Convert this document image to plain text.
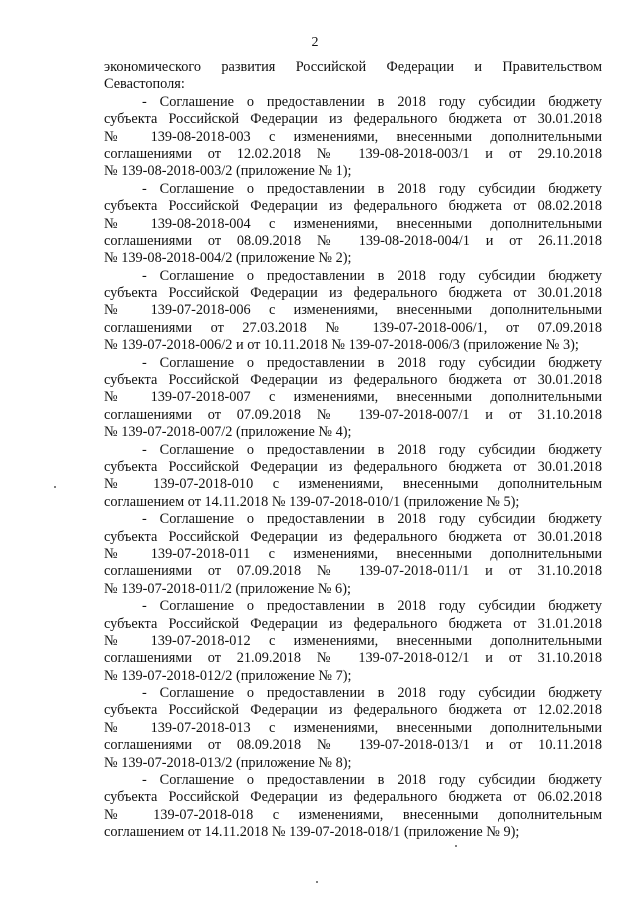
2
экономического развития Российской Федерации и Правительством
Севастополя:
- Соглашение о предоставлении в 2018 году субсидии бюджету
субъекта Российской Федерации из федерального бюджета от 30.01.2018
№ 139-08-2018-003 с изменениями, внесенными дополнительными
соглашениями от 12.02.2018 № 139-08-2018-003/1 и от 29.10.2018
№ 139-08-2018-003/2 (приложение № 1);
- Соглашение о предоставлении в 2018 году субсидии бюджету
субъекта Российской Федерации из федерального бюджета от 08.02.2018
№ 139-08-2018-004 с изменениями, внесенными дополнительными
соглашениями от 08.09.2018 № 139-08-2018-004/1 и от 26.11.2018
№ 139-08-2018-004/2 (приложение № 2);
- Соглашение о предоставлении в 2018 году субсидии бюджету
субъекта Российской Федерации из федерального бюджета от 30.01.2018
№ 139-07-2018-006 с изменениями, внесенными дополнительными
соглашениями от 27.03.2018 № 139-07-2018-006/1, от 07.09.2018
№ 139-07-2018-006/2 и от 10.11.2018 № 139-07-2018-006/3 (приложение № 3);
- Соглашение о предоставлении в 2018 году субсидии бюджету
субъекта Российской Федерации из федерального бюджета от 30.01.2018
№ 139-07-2018-007 с изменениями, внесенными дополнительными
соглашениями от 07.09.2018 № 139-07-2018-007/1 и от 31.10.2018
№ 139-07-2018-007/2 (приложение № 4);
- Соглашение о предоставлении в 2018 году субсидии бюджету
субъекта Российской Федерации из федерального бюджета от 30.01.2018
№ 139-07-2018-010 с изменениями, внесенными дополнительным
соглашением от 14.11.2018 № 139-07-2018-010/1 (приложение № 5);
- Соглашение о предоставлении в 2018 году субсидии бюджету
субъекта Российской Федерации из федерального бюджета от 30.01.2018
№ 139-07-2018-011 с изменениями, внесенными дополнительными
соглашениями от 07.09.2018 № 139-07-2018-011/1 и от 31.10.2018
№ 139-07-2018-011/2 (приложение № 6);
- Соглашение о предоставлении в 2018 году субсидии бюджету
субъекта Российской Федерации из федерального бюджета от 31.01.2018
№ 139-07-2018-012 с изменениями, внесенными дополнительными
соглашениями от 21.09.2018 № 139-07-2018-012/1 и от 31.10.2018
№ 139-07-2018-012/2 (приложение № 7);
- Соглашение о предоставлении в 2018 году субсидии бюджету
субъекта Российской Федерации из федерального бюджета от 12.02.2018
№ 139-07-2018-013 с изменениями, внесенными дополнительными
соглашениями от 08.09.2018 № 139-07-2018-013/1 и от 10.11.2018
№ 139-07-2018-013/2 (приложение № 8);
- Соглашение о предоставлении в 2018 году субсидии бюджету
субъекта Российской Федерации из федерального бюджета от 06.02.2018
№ 139-07-2018-018 с изменениями, внесенными дополнительным
соглашением от 14.11.2018 № 139-07-2018-018/1 (приложение № 9);
